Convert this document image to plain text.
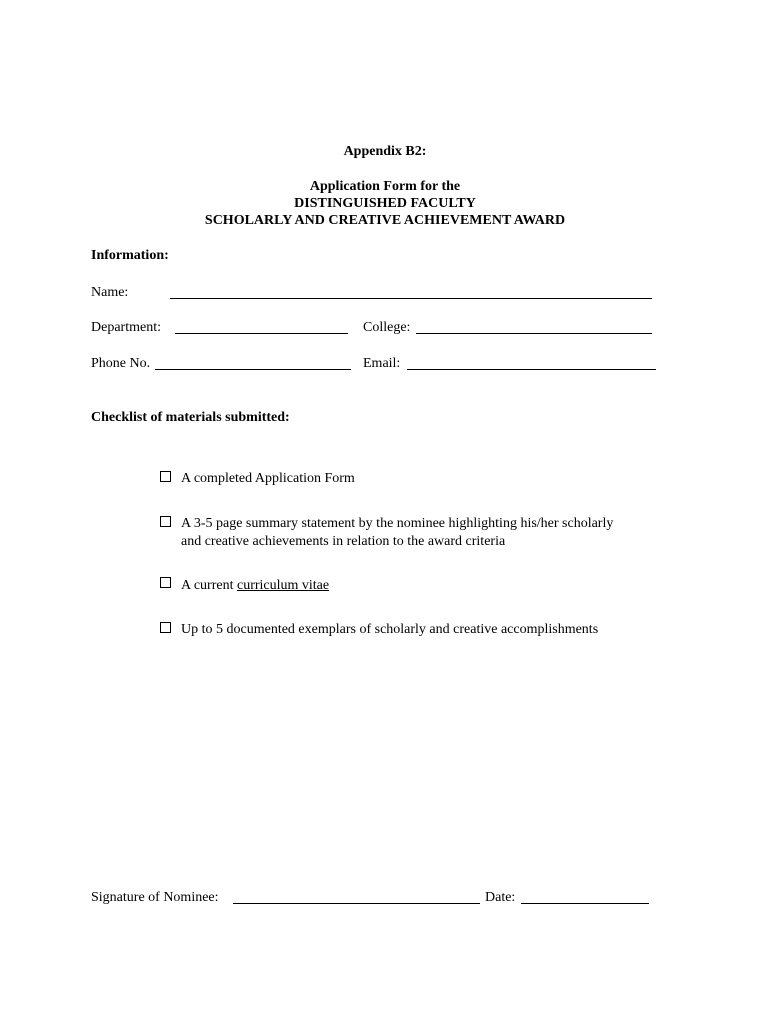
Appendix B2:
Application Form for the
DISTINGUISHED FACULTY
SCHOLARLY AND CREATIVE ACHIEVEMENT AWARD
Information:
Name:
Department:	College:
Phone No.	Email:
Checklist of materials submitted:
A completed Application Form
A 3-5 page summary statement by the nominee highlighting his/her scholarly
and creative achievements in relation to the award criteria
A current curriculum vitae
Up to 5 documented exemplars of scholarly and creative accomplishments
Signature of Nominee:	Date:
